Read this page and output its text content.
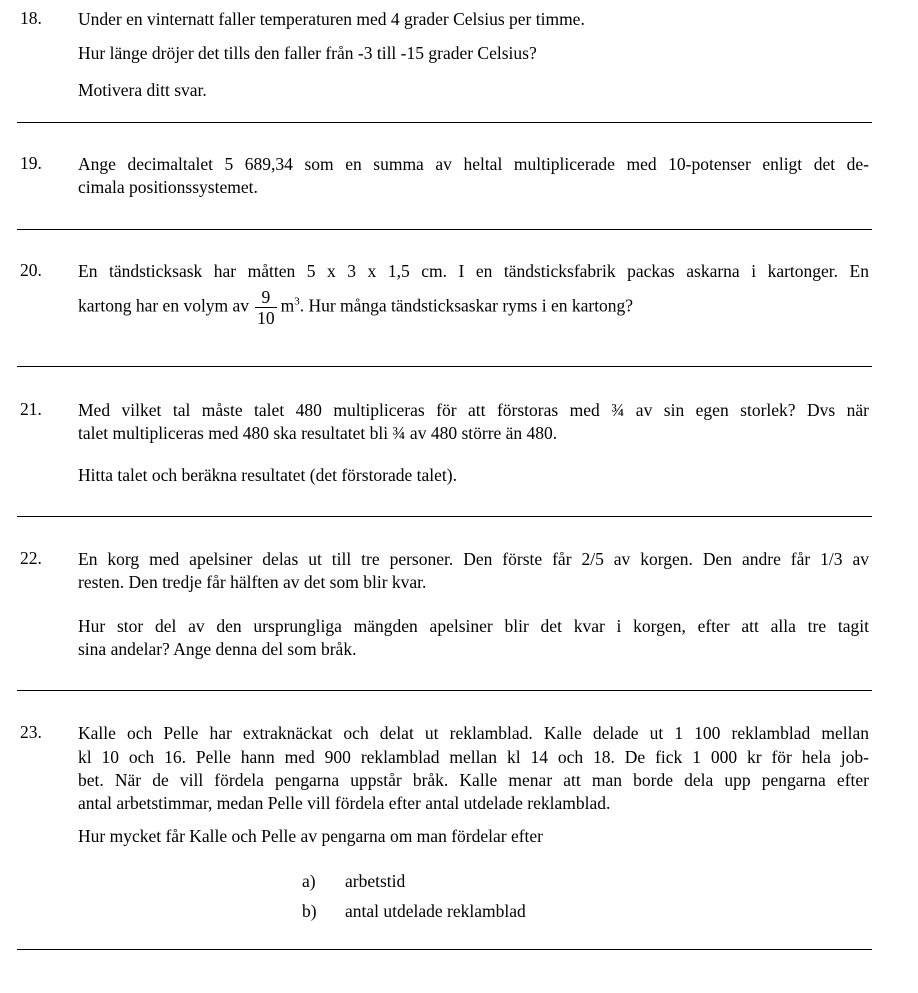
18. Under en vinternatt faller temperaturen med 4 grader Celsius per timme.
Hur länge dröjer det tills den faller från -3 till -15 grader Celsius?
Motivera ditt svar.
19. Ange decimaltalet 5 689,34 som en summa av heltal multiplicerade med 10-potenser enligt det de-
cimala positionssystemet.
20. En tändsticksask har måtten 5 x 3 x 1,5 cm. I en tändsticksfabrik packas askarna i kartonger. En
kartong har en volym av $\frac{9}{10} m^3$. Hur många tändsticksaskar ryms i en kartong?
21. Med vilket tal måste talet 480 multipliceras för att förstoras med ¾ av sin egen storlek? Dvs när
talet multipliceras med 480 ska resultatet bli ¾ av 480 större än 480.
Hitta talet och beräkna resultatet (det förstorade talet).
22. En korg med apelsiner delas ut till tre personer. Den förste får 2/5 av korgen. Den andre får 1/3 av
resten. Den tredje får hälften av det som blir kvar.
Hur stor del av den ursprungliga mängden apelsiner blir det kvar i korgen, efter att alla tre tagit
sina andelar? Ange denna del som bråk.
23. Kalle och Pelle har extraknäckat och delat ut reklamblad. Kalle delade ut 1 100 reklamblad mellan
kl 10 och 16. Pelle hann med 900 reklamblad mellan kl 14 och 18. De fick 1 000 kr för hela job-
bet. När de vill fördela pengarna uppstår bråk. Kalle menar att man borde dela upp pengarna efter
antal arbetstimmar, medan Pelle vill fördela efter antal utdelade reklamblad.
Hur mycket får Kalle och Pelle av pengarna om man fördelar efter
a) arbetstid
b) antal utdelade reklamblad
